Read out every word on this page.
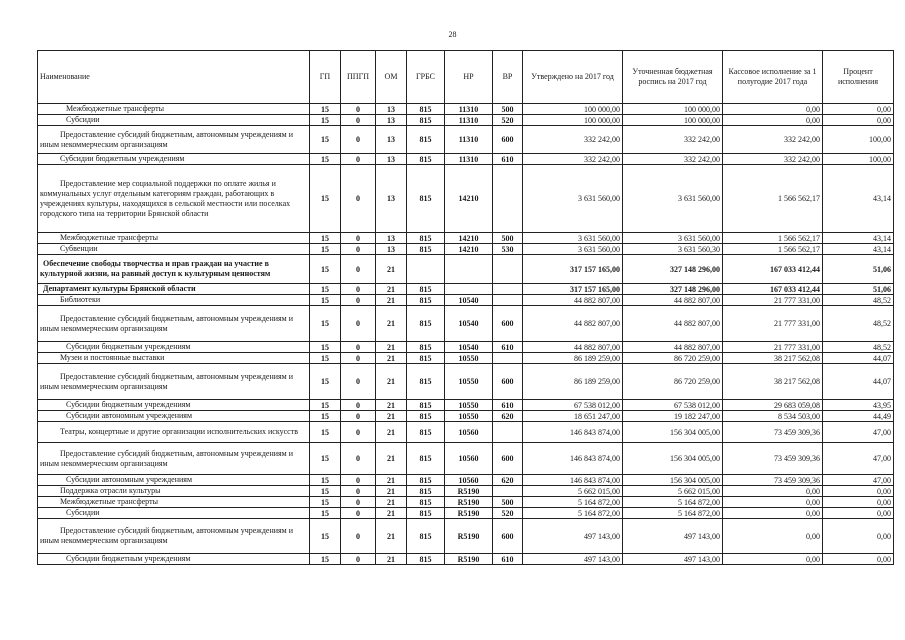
28
Наименование	ГП	ППГП	ОМ	ГРБС	НР	ВР	Утверждено на 2017 год	Уточненная бюджетная роспись на 2017 год	Кассовое исполнение за 1 полугодие 2017 года	Процент исполнения
Межбюджетные трансферты	15	0	13	815	11310	500	100 000,00	100 000,00	0,00	0,00
Субсидии	15	0	13	815	11310	520	100 000,00	100 000,00	0,00	0,00
Предоставление субсидий бюджетным, автономным учреждениям и иным некоммерческим организациям	15	0	13	815	11310	600	332 242,00	332 242,00	332 242,00	100,00
Субсидии бюджетным учреждениям	15	0	13	815	11310	610	332 242,00	332 242,00	332 242,00	100,00
Предоставление мер социальной поддержки по оплате жилья и коммунальных услуг отдельным категориям граждан, работающих в учреждениях культуры, находящихся в сельской местности или поселках городского типа на территории Брянской области	15	0	13	815	14210		3 631 560,00	3 631 560,00	1 566 562,17	43,14
Межбюджетные трансферты	15	0	13	815	14210	500	3 631 560,00	3 631 560,00	1 566 562,17	43,14
Субвенции	15	0	13	815	14210	530	3 631 560,00	3 631 560,30	1 566 562,17	43,14
Обеспечение свободы творчества и прав граждан на участие в культурной жизни, на равный доступ к культурным ценностям	15	0	21				317 157 165,00	327 148 296,00	167 033 412,44	51,06
Департамент культуры Брянской области	15	0	21	815			317 157 165,00	327 148 296,00	167 033 412,44	51,06
Библиотеки	15	0	21	815	10540		44 882 807,00	44 882 807,00	21 777 331,00	48,52
Предоставление субсидий бюджетным, автономным учреждениям и иным некоммерческим организациям	15	0	21	815	10540	600	44 882 807,00	44 882 807,00	21 777 331,00	48,52
Субсидии бюджетным учреждениям	15	0	21	815	10540	610	44 882 807,00	44 882 807,00	21 777 331,00	48,52
Музеи и постоянные выставки	15	0	21	815	10550		86 189 259,00	86 720 259,00	38 217 562,08	44,07
Предоставление субсидий бюджетным, автономным учреждениям и иным некоммерческим организациям	15	0	21	815	10550	600	86 189 259,00	86 720 259,00	38 217 562,08	44,07
Субсидии бюджетным учреждениям	15	0	21	815	10550	610	67 538 012,00	67 538 012,00	29 683 059,08	43,95
Субсидии автономным учреждениям	15	0	21	815	10550	620	18 651 247,00	19 182 247,00	8 534 503,00	44,49
Театры, концертные и другие организации исполнительских искусств	15	0	21	815	10560		146 843 874,00	156 304 005,00	73 459 309,36	47,00
Предоставление субсидий бюджетным, автономным учреждениям и иным некоммерческим организациям	15	0	21	815	10560	600	146 843 874,00	156 304 005,00	73 459 309,36	47,00
Субсидии автономным учреждениям	15	0	21	815	10560	620	146 843 874,00	156 304 005,00	73 459 309,36	47,00
Поддержка отрасли культуры	15	0	21	815	R5190		5 662 015,00	5 662 015,00	0,00	0,00
Межбюджетные трансферты	15	0	21	815	R5190	500	5 164 872,00	5 164 872,00	0,00	0,00
Субсидии	15	0	21	815	R5190	520	5 164 872,00	5 164 872,00	0,00	0,00
Предоставление субсидий бюджетным, автономным учреждениям и иным некоммерческим организациям	15	0	21	815	R5190	600	497 143,00	497 143,00	0,00	0,00
Субсидии бюджетным учреждениям	15	0	21	815	R5190	610	497 143,00	497 143,00	0,00	0,00
